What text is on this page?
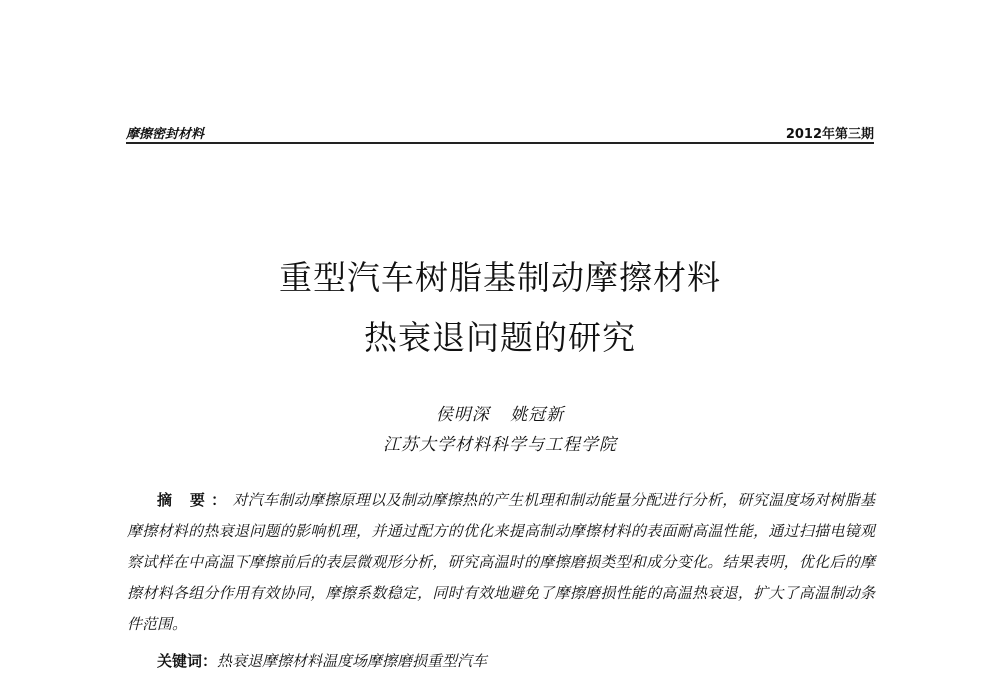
摩擦密封材料	2012年第三期
重型汽车树脂基制动摩擦材料
热衰退问题的研究
侯明深 姚冠新
江苏大学材料科学与工程学院
摘 要：对汽车制动摩擦原理以及制动摩擦热的产生机理和制动能量分配进行分析，研究温度场对树脂基摩擦材料的热衰退问题的影响机理，并通过配方的优化来提高制动摩擦材料的表面耐高温性能，通过扫描电镜观察试样在中高温下摩擦前后的表层微观形分析，研究高温时的摩擦磨损类型和成分变化。结果表明，优化后的摩擦材料各组分作用有效协同，摩擦系数稳定，同时有效地避免了摩擦磨损性能的高温热衰退，扩大了高温制动条件范围。
关键词：热衰退摩擦材料温度场摩擦磨损重型汽车
